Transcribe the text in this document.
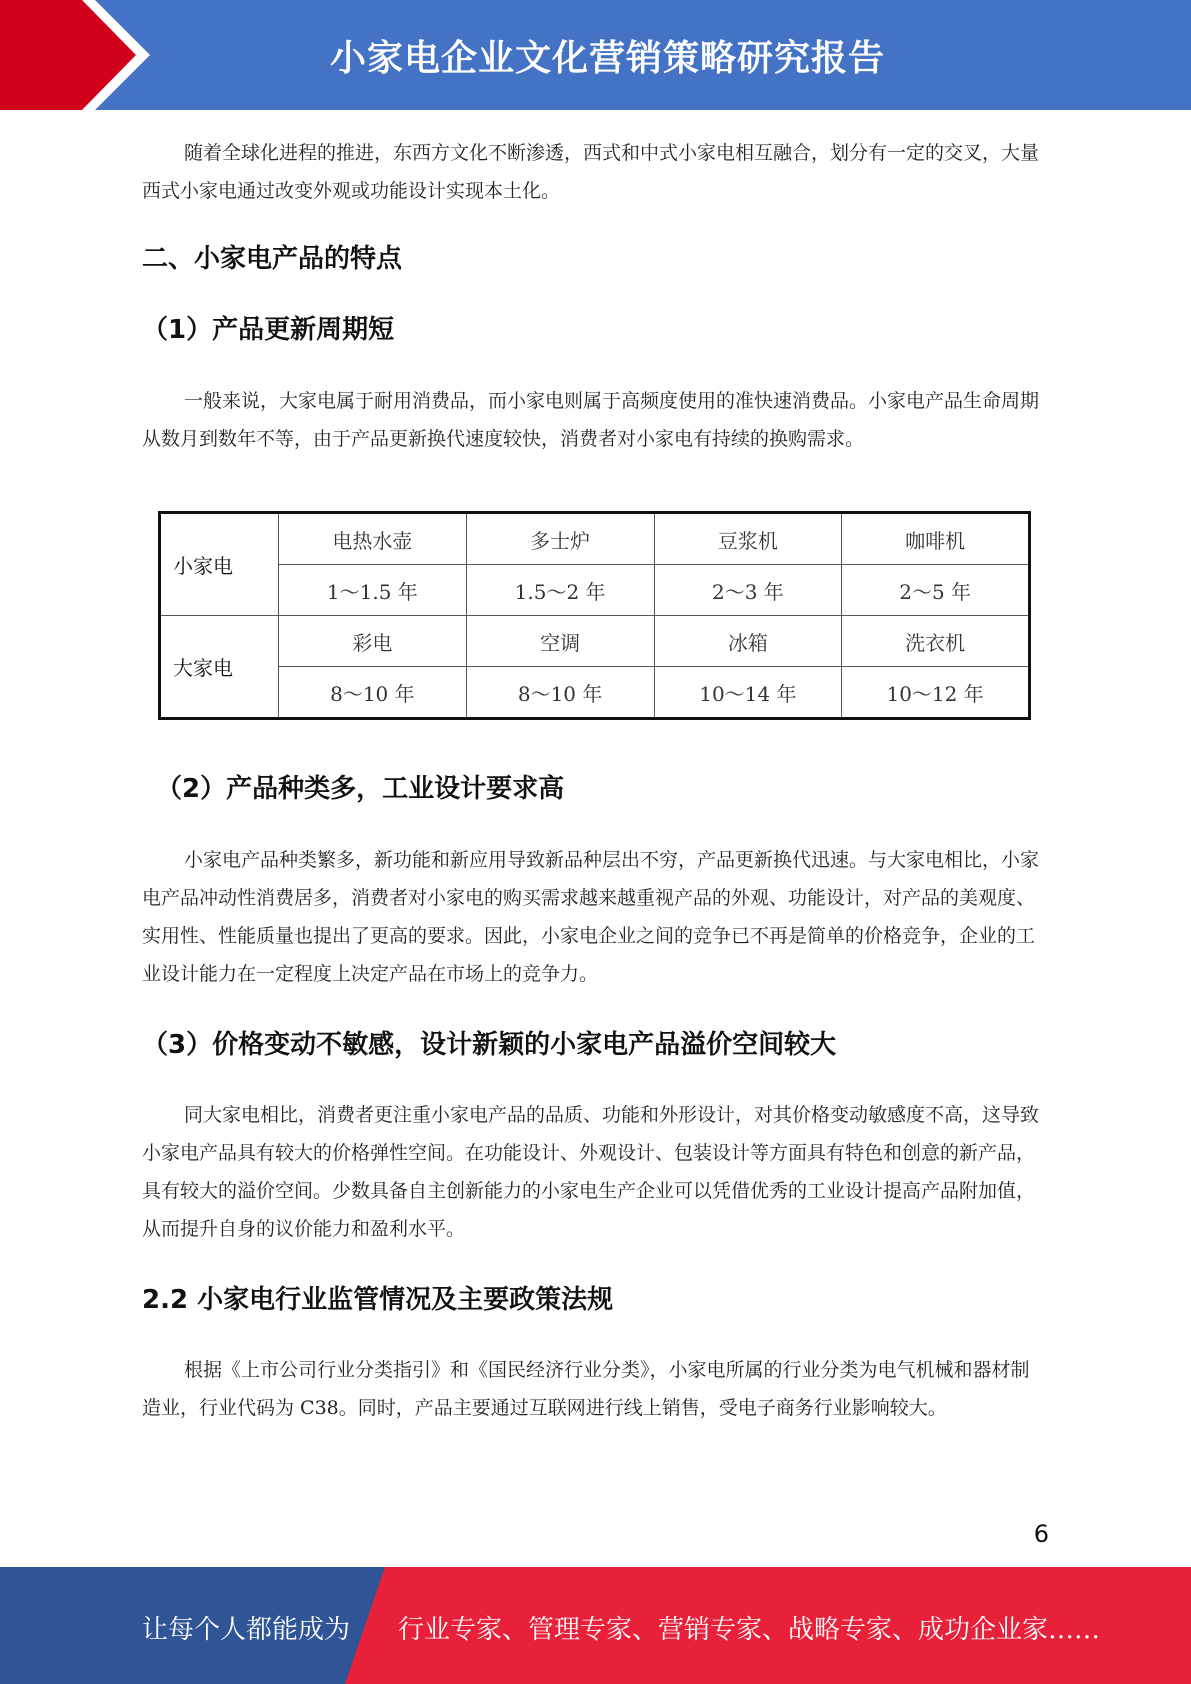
小家电企业文化营销策略研究报告

随着全球化进程的推进，东西方文化不断渗透，西式和中式小家电相互融合，划分有一定的交叉，大量西式小家电通过改变外观或功能设计实现本土化。

二、小家电产品的特点
（1）产品更新周期短

一般来说，大家电属于耐用消费品，而小家电则属于高频度使用的准快速消费品。小家电产品生命周期从数月到数年不等，由于产品更新换代速度较快，消费者对小家电有持续的换购需求。

小家电	电热水壶	多士炉	豆浆机	咖啡机
	1～1.5 年	1.5～2 年	2～3 年	2～5 年
大家电	彩电	空调	冰箱	洗衣机
	8～10 年	8～10 年	10～14 年	10～12 年
（2）产品种类多，工业设计要求高

小家电产品种类繁多，新功能和新应用导致新品种层出不穷，产品更新换代迅速。与大家电相比，小家电产品冲动性消费居多，消费者对小家电的购买需求越来越重视产品的外观、功能设计，对产品的美观度、实用性、性能质量也提出了更高的要求。因此，小家电企业之间的竞争已不再是简单的价格竞争，企业的工业设计能力在一定程度上决定产品在市场上的竞争力。

（3）价格变动不敏感，设计新颖的小家电产品溢价空间较大

同大家电相比，消费者更注重小家电产品的品质、功能和外形设计，对其价格变动敏感度不高，这导致小家电产品具有较大的价格弹性空间。在功能设计、外观设计、包装设计等方面具有特色和创意的新产品，具有较大的溢价空间。少数具备自主创新能力的小家电生产企业可以凭借优秀的工业设计提高产品附加值，从而提升自身的议价能力和盈利水平。

2.2 小家电行业监管情况及主要政策法规

根据《上市公司行业分类指引》和《国民经济行业分类》，小家电所属的行业分类为电气机械和器材制造业，行业代码为 C38。同时，产品主要通过互联网进行线上销售，受电子商务行业影响较大。

6
让每个人都能成为 行业专家、管理专家、营销专家、战略专家、成功企业家……
